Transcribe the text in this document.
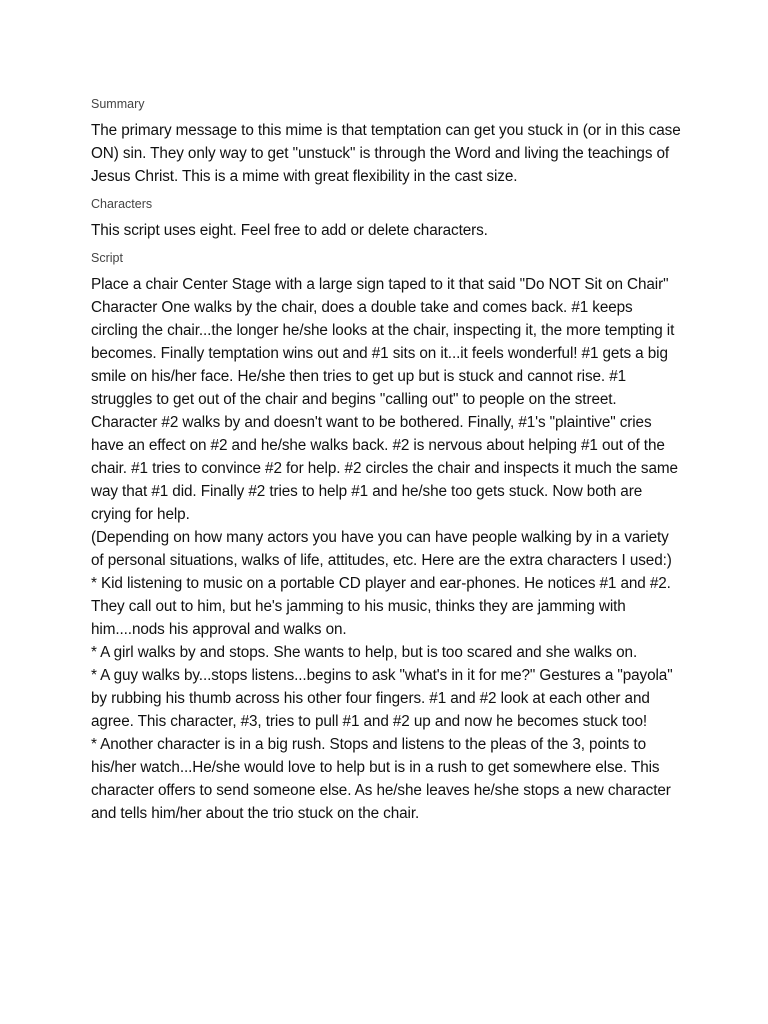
Summary

The primary message to this mime is that temptation can get you stuck in (or in this case ON) sin. They only way to get "unstuck" is through the Word and living the teachings of Jesus Christ. This is a mime with great flexibility in the cast size.

Characters

This script uses eight. Feel free to add or delete characters.

Script

Place a chair Center Stage with a large sign taped to it that said "Do NOT Sit on Chair"

Character One walks by the chair, does a double take and comes back. #1 keeps circling the chair...the longer he/she looks at the chair, inspecting it, the more tempting it becomes. Finally temptation wins out and #1 sits on it...it feels wonderful! #1 gets a big smile on his/her face. He/she then tries to get up but is stuck and cannot rise. #1 struggles to get out of the chair and begins "calling out" to people on the street.

Character #2 walks by and doesn't want to be bothered. Finally, #1's "plaintive" cries have an effect on #2 and he/she walks back. #2 is nervous about helping #1 out of the chair. #1 tries to convince #2 for help. #2 circles the chair and inspects it much the same way that #1 did. Finally #2 tries to help #1 and he/she too gets stuck. Now both are crying for help.

(Depending on how many actors you have you can have people walking by in a variety of personal situations, walks of life, attitudes, etc. Here are the extra characters I used:)

* Kid listening to music on a portable CD player and ear-phones. He notices #1 and #2. They call out to him, but he's jamming to his music, thinks they are jamming with him....nods his approval and walks on.

* A girl walks by and stops. She wants to help, but is too scared and she walks on.

* A guy walks by...stops listens...begins to ask "what's in it for me?" Gestures a "payola" by rubbing his thumb across his other four fingers. #1 and #2 look at each other and agree. This character, #3, tries to pull #1 and #2 up and now he becomes stuck too!

* Another character is in a big rush. Stops and listens to the pleas of the 3, points to his/her watch...He/she would love to help but is in a rush to get somewhere else. This character offers to send someone else. As he/she leaves he/she stops a new character and tells him/her about the trio stuck on the chair.
